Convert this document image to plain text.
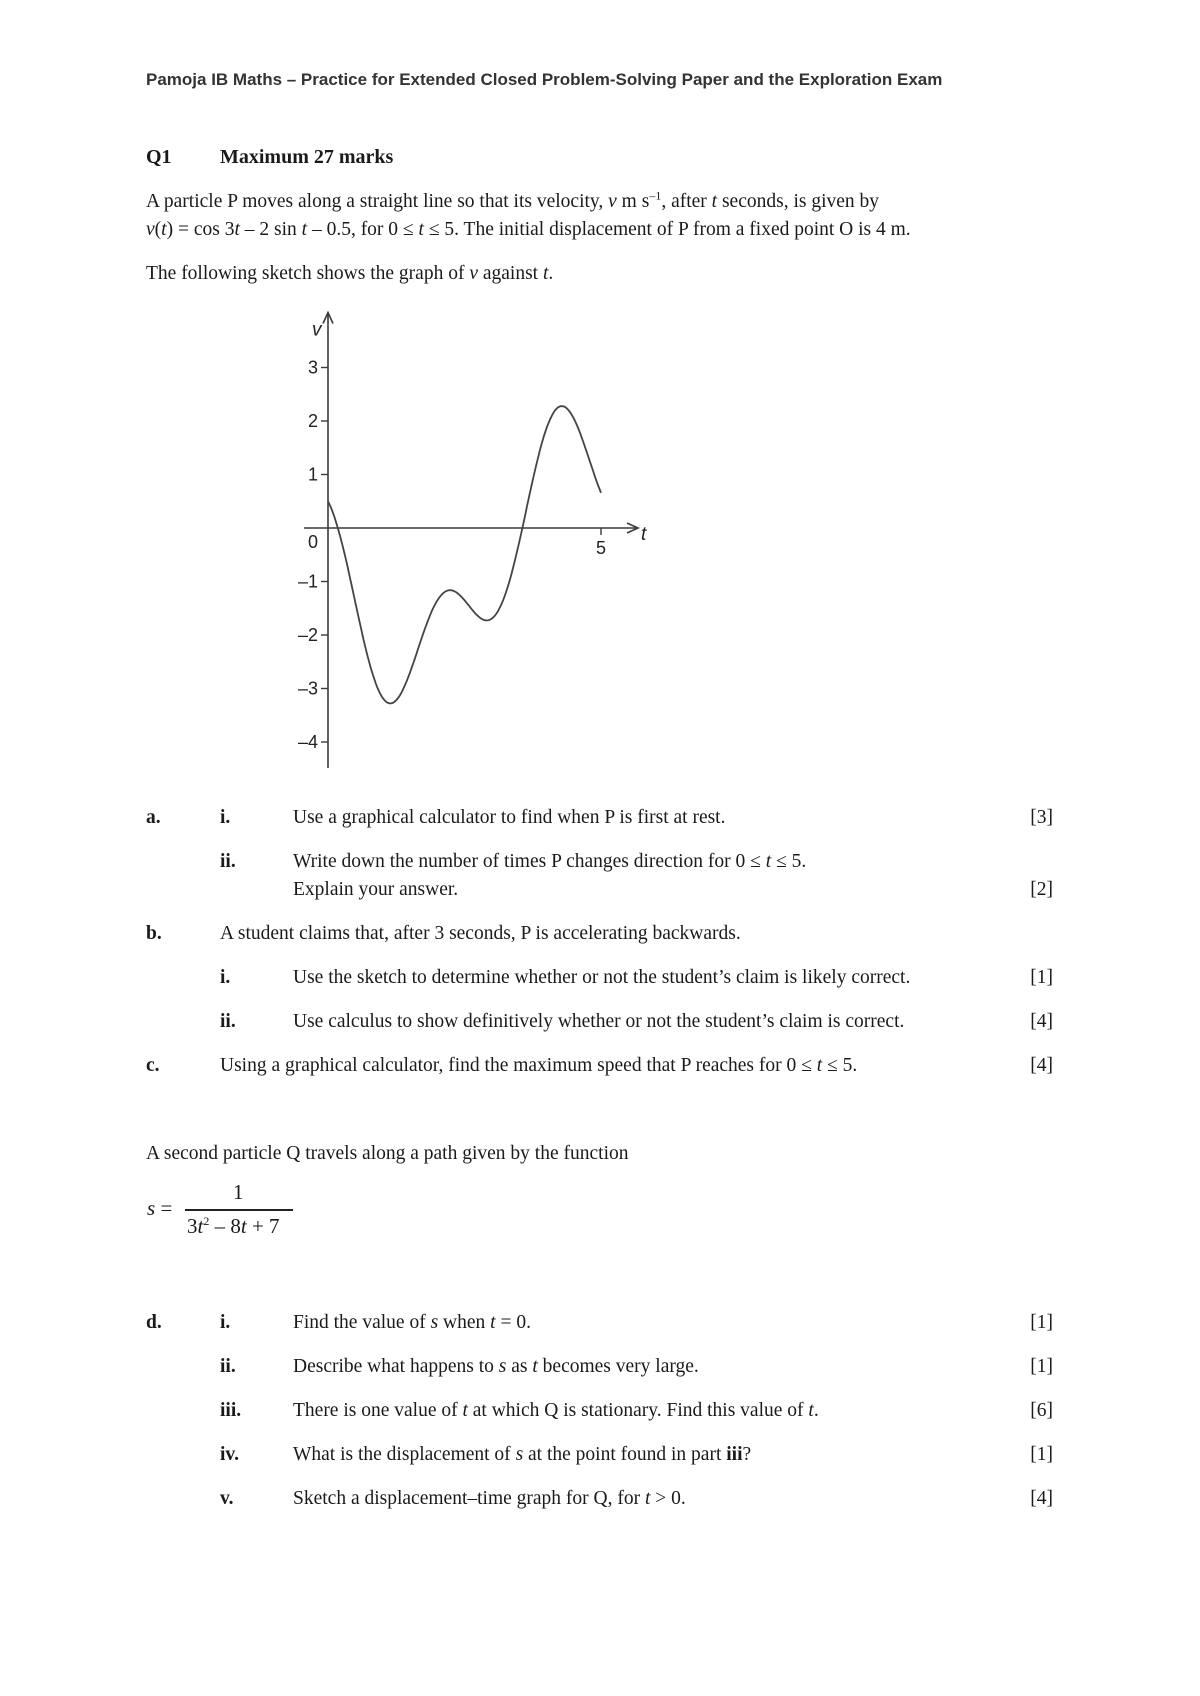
Pamoja IB Maths – Practice for Extended Closed Problem-Solving Paper and the Exploration Exam
Q1 Maximum 27 marks
A particle P moves along a straight line so that its velocity, v m $s^{-1}$, after t seconds, is given by
v(t) = cos 3t – 2 sin t – 0.5, for 0 ≤ t ≤ 5. The initial displacement of P from a fixed point O is 4 m.
The following sketch shows the graph of v against t.
v
t
3
2
1
–1
–2
–3
–4
0	5
a.	i.	Use a graphical calculator to find when P is first at rest.	[3]
ii.	Write down the number of times P changes direction for 0 ≤ t ≤ 5.
Explain your answer.	[2]
b.	A student claims that, after 3 seconds, P is accelerating backwards.
i.	Use the sketch to determine whether or not the student’s claim is likely correct.	[1]
ii.	Use calculus to show definitively whether or not the student’s claim is correct.	[4]
c.	Using a graphical calculator, find the maximum speed that P reaches for 0 ≤ t ≤ 5.	[4]
A second particle Q travels along a path given by the function
s =
1
$3t^2 - 8t + 7$
d.	i.	Find the value of s when t = 0.	[1]
ii.	Describe what happens to s as t becomes very large.	[1]
iii.	There is one value of t at which Q is stationary. Find this value of t.	[6]
iv.	What is the displacement of s at the point found in part iii?	[1]
v.	Sketch a displacement–time graph for Q, for t > 0.	[4]
